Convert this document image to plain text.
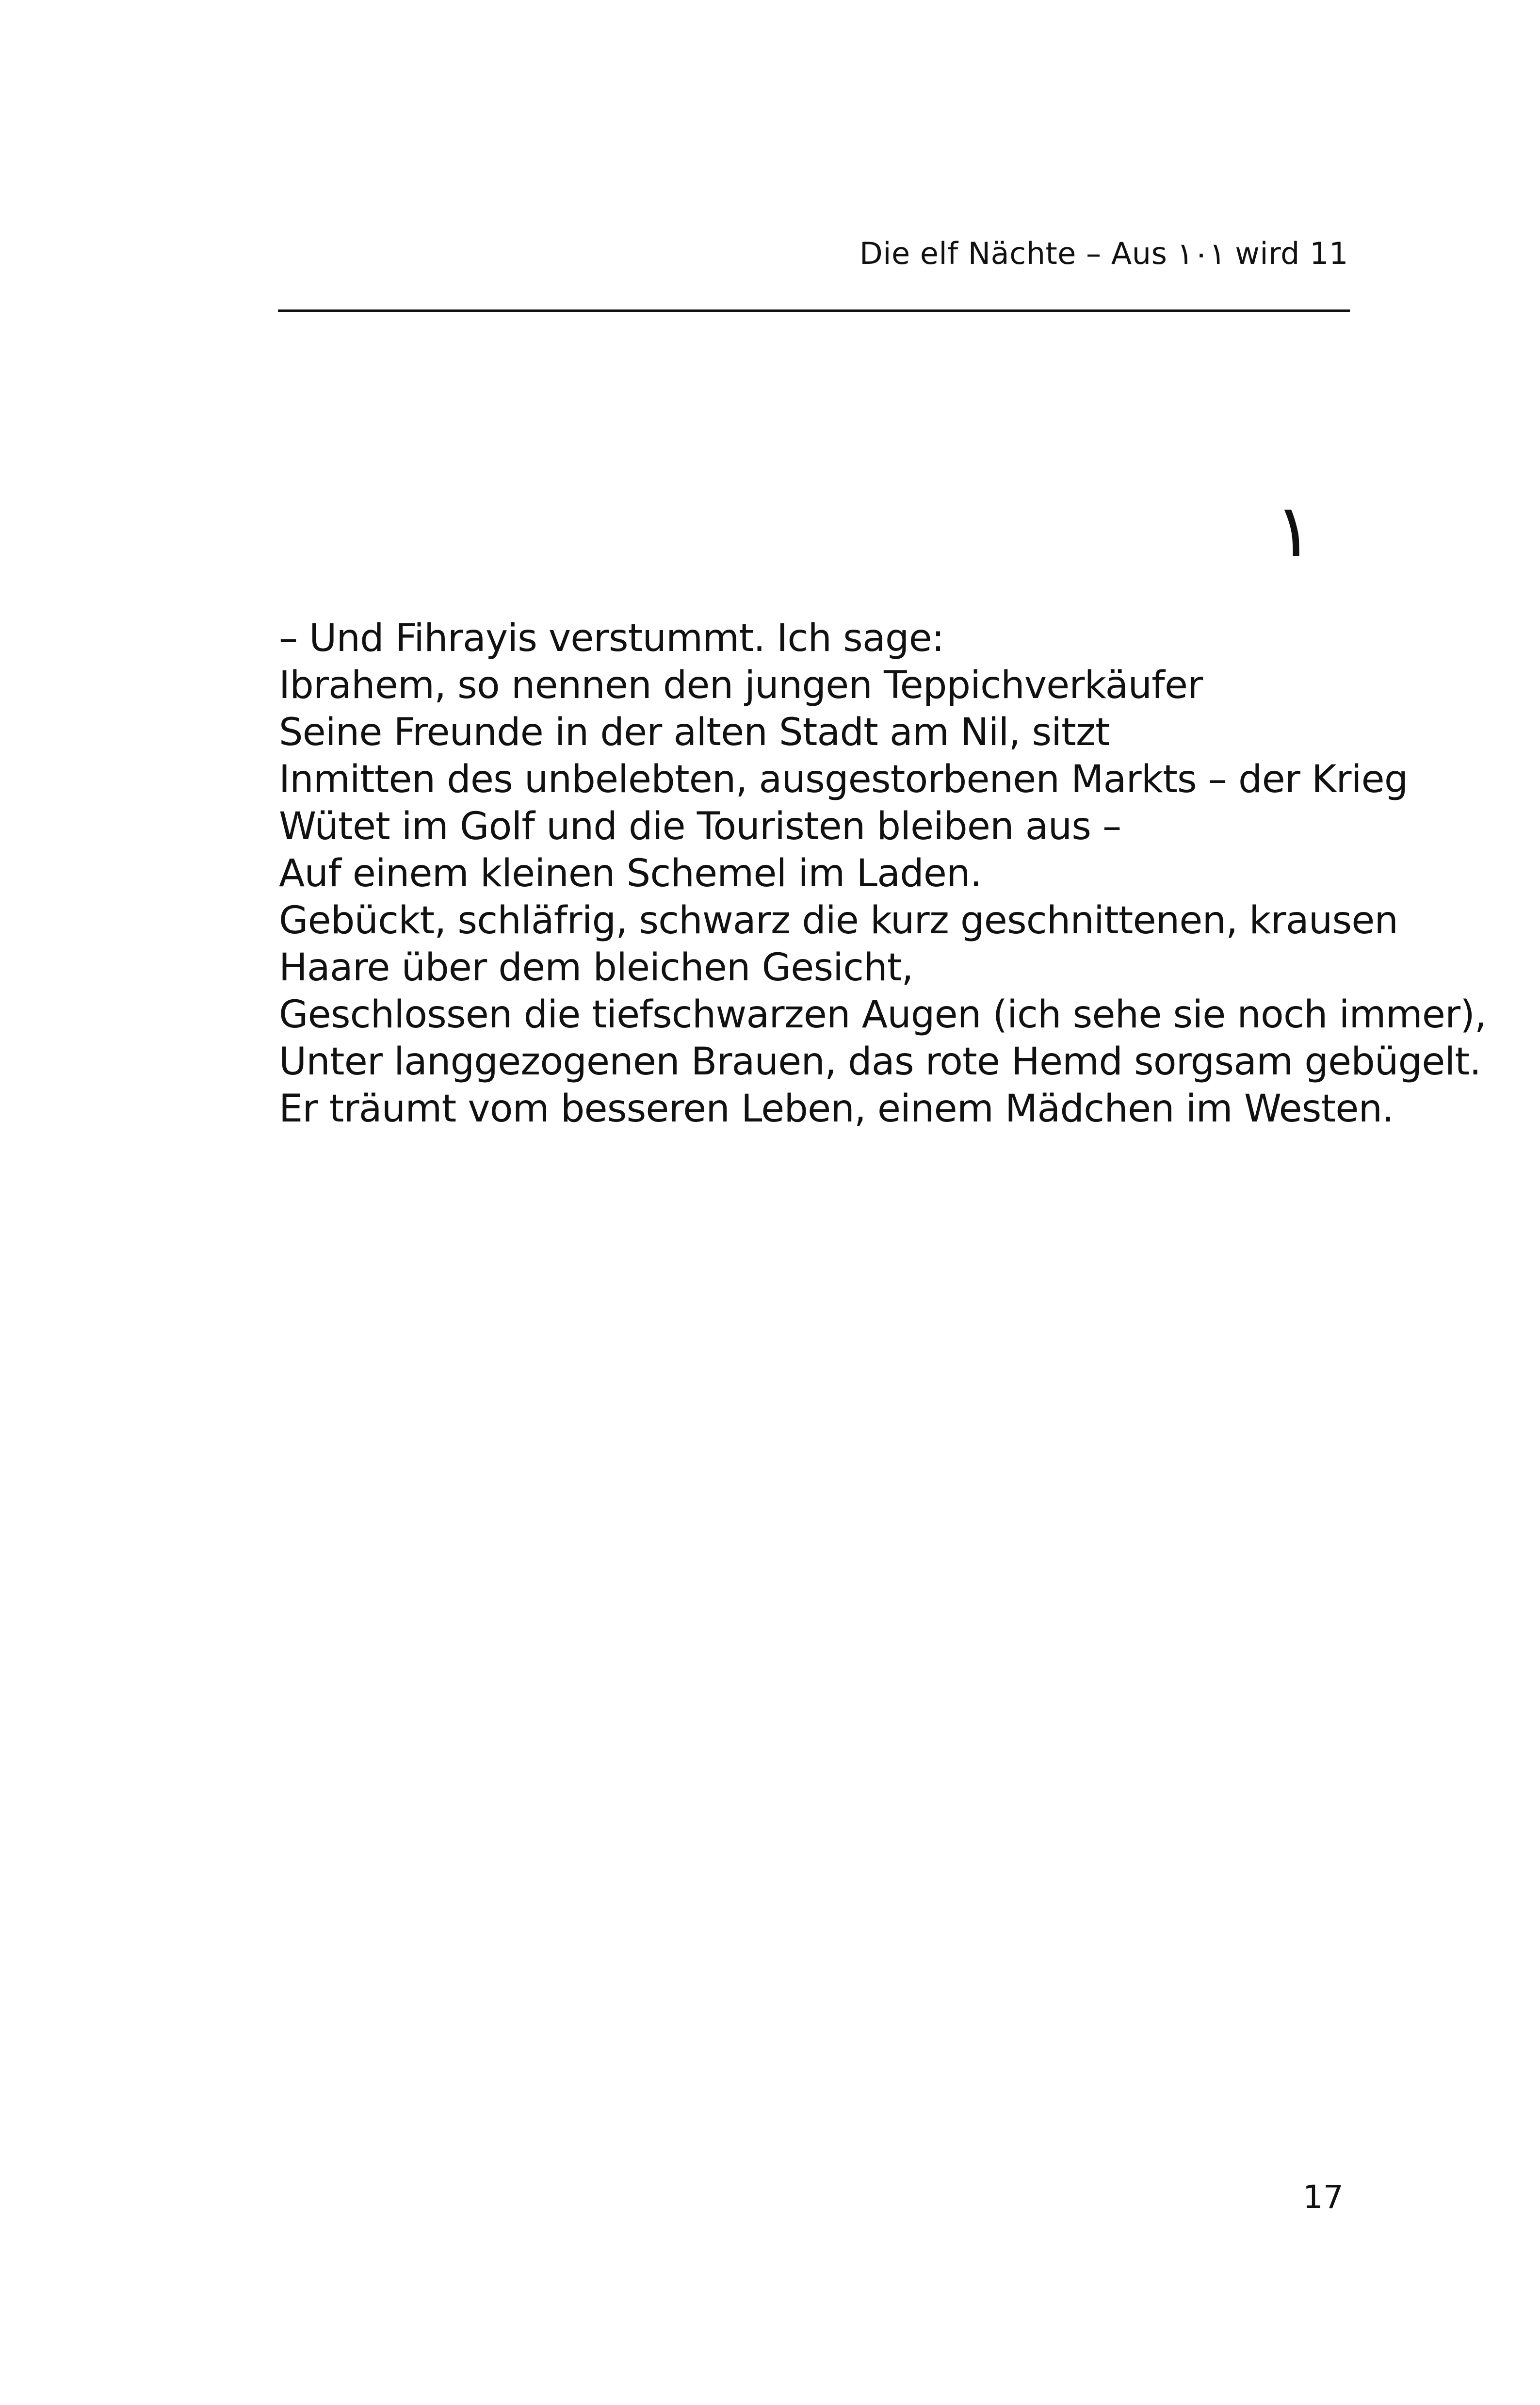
Die elf Nächte – Aus ١٠١ wird 11
١
– Und Fihrayis verstummt. Ich sage:
Ibrahem, so nennen den jungen Teppichverkäufer
Seine Freunde in der alten Stadt am Nil, sitzt
Inmitten des unbelebten, ausgestorbenen Markts – der Krieg
Wütet im Golf und die Touristen bleiben aus –
Auf einem kleinen Schemel im Laden.
Gebückt, schläfrig, schwarz die kurz geschnittenen, krausen
Haare über dem bleichen Gesicht,
Geschlossen die tiefschwarzen Augen (ich sehe sie noch immer),
Unter langgezogenen Brauen, das rote Hemd sorgsam gebügelt.
Er träumt vom besseren Leben, einem Mädchen im Westen.
17
